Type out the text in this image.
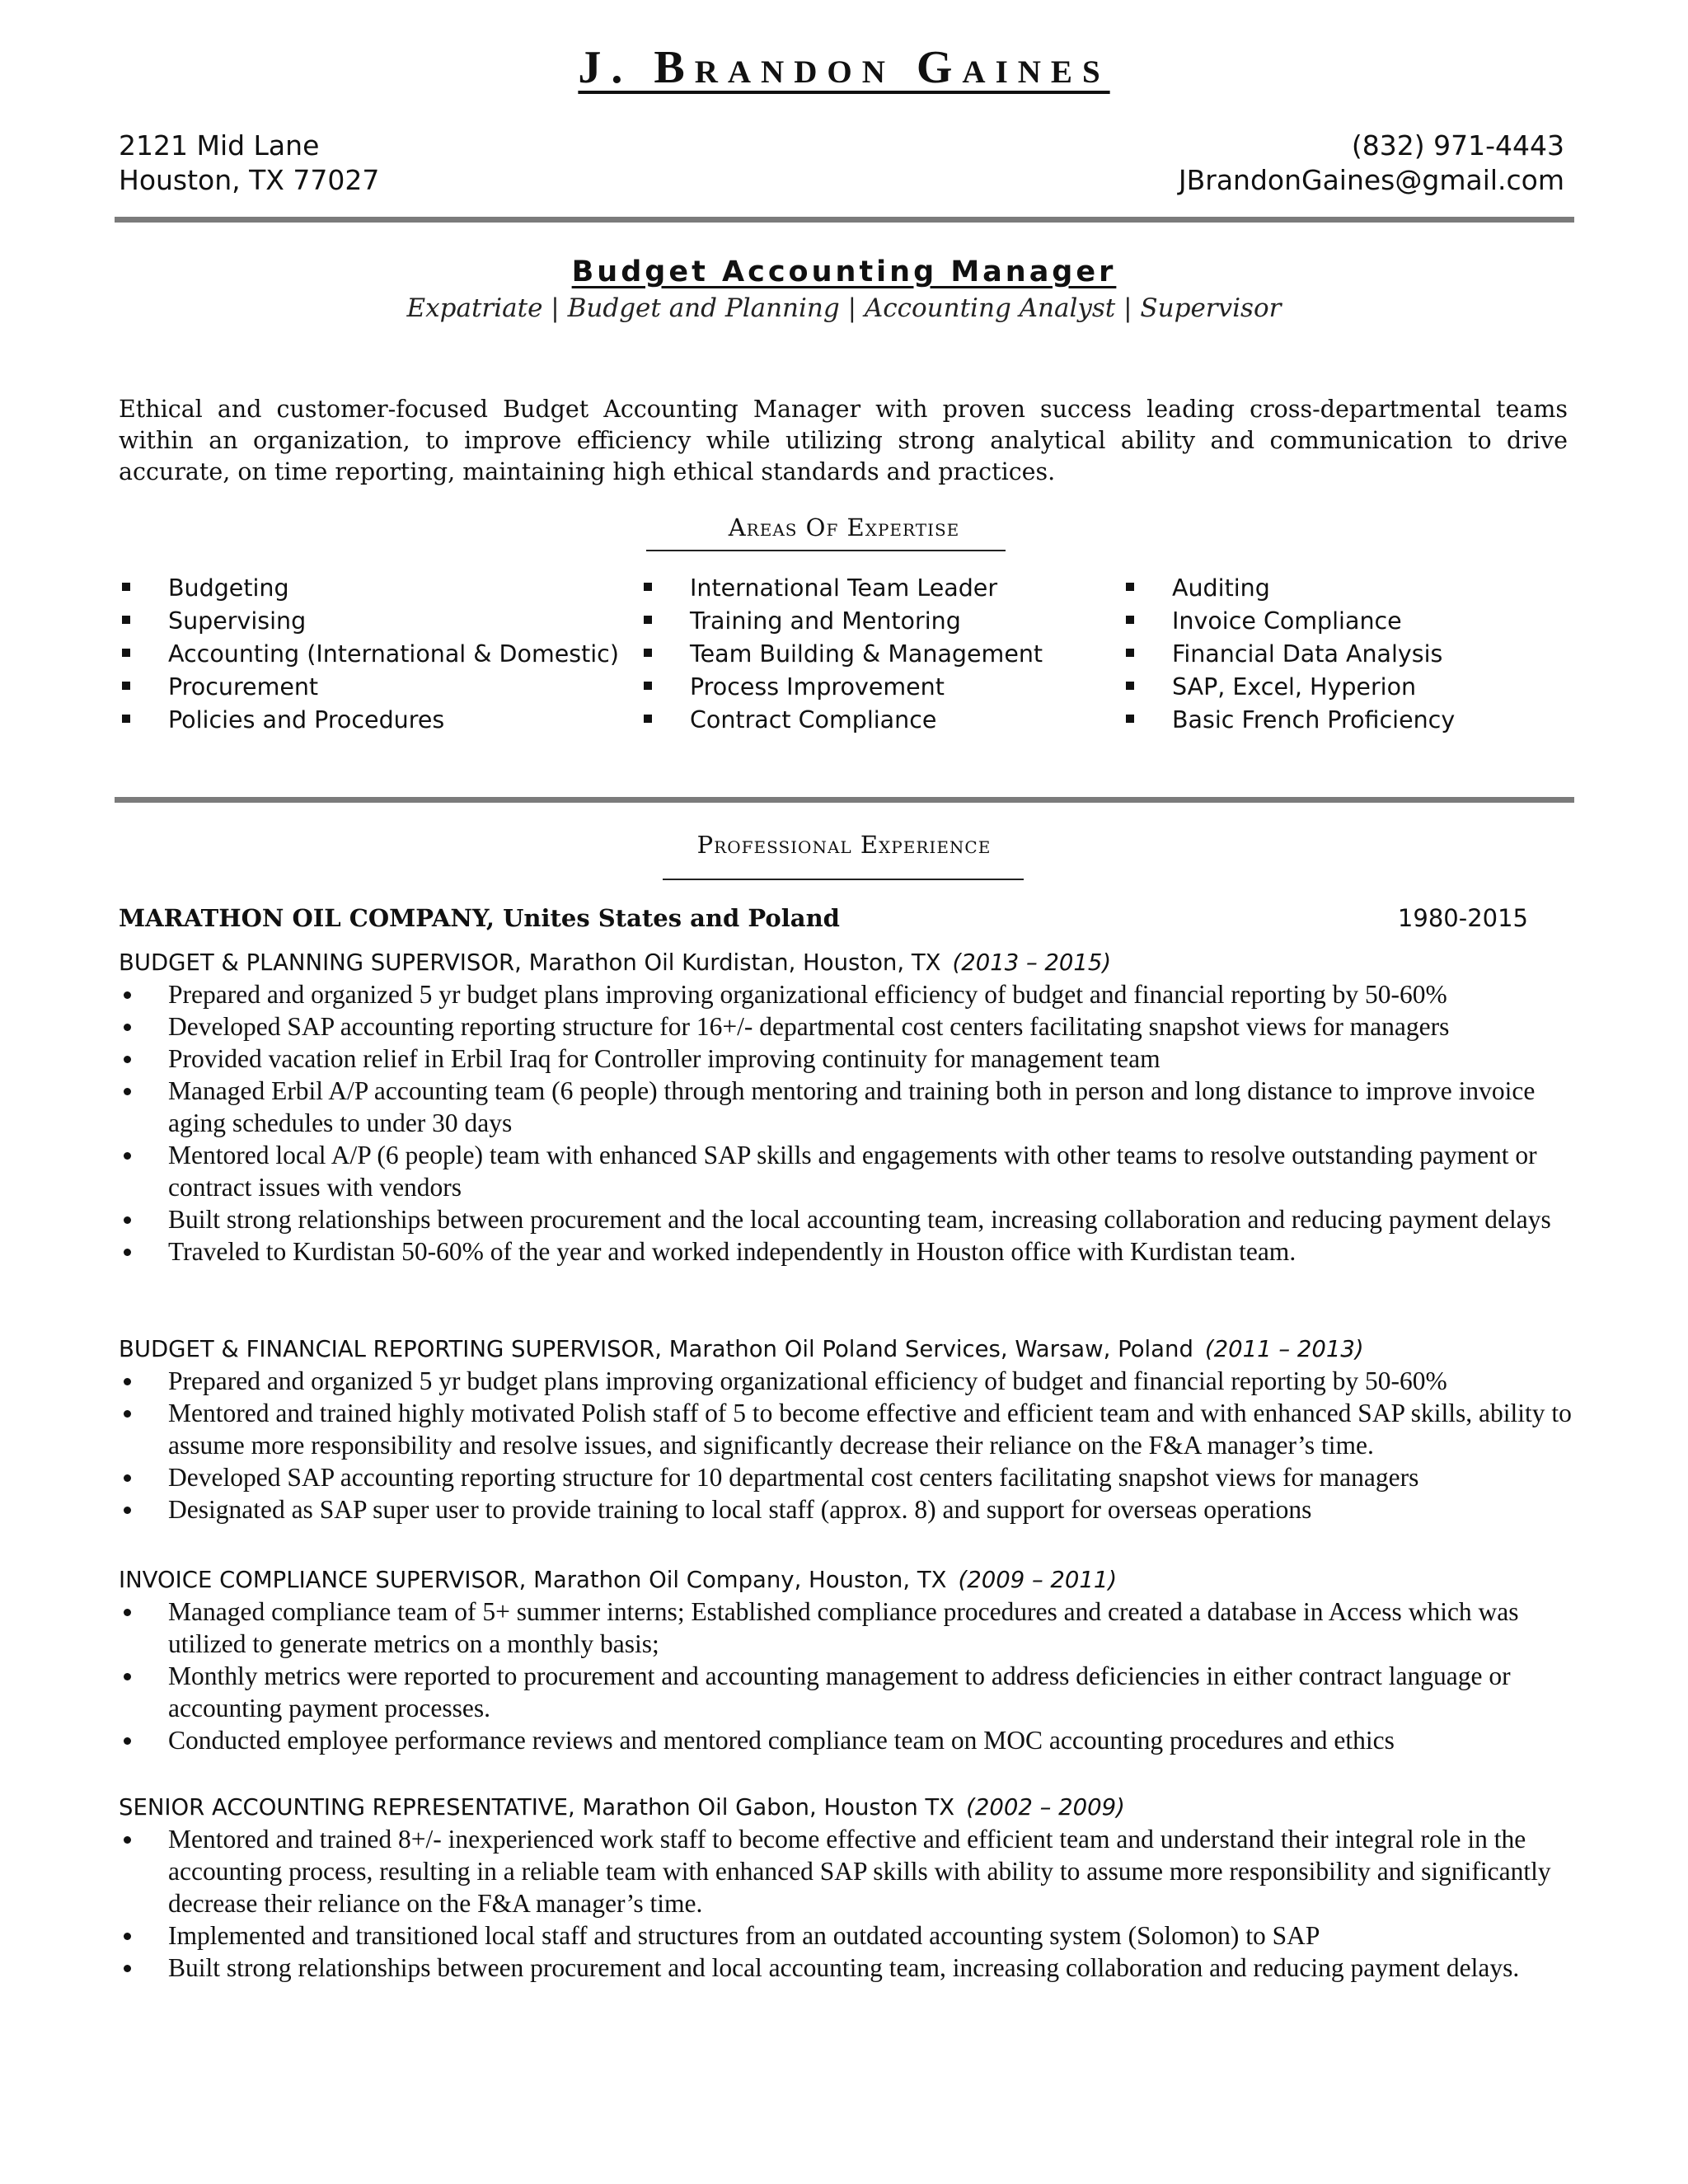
J. Brandon Gaines
2121 Mid Lane
Houston, TX 77027
(832) 971-4443
JBrandonGaines@gmail.com
Budget Accounting Manager
Expatriate | Budget and Planning | Accounting Analyst | Supervisor
Ethical and customer-focused Budget Accounting Manager with proven success leading cross-departmental teams within an organization, to improve efficiency while utilizing strong analytical ability and communication to drive accurate, on time reporting, maintaining high ethical standards and practices.
Areas Of Expertise
Budgeting
Supervising
Accounting (International & Domestic)
Procurement
Policies and Procedures
International Team Leader
Training and Mentoring
Team Building & Management
Process Improvement
Contract Compliance
Auditing
Invoice Compliance
Financial Data Analysis
SAP, Excel, Hyperion
Basic French Proficiency
Professional Experience
MARATHON OIL COMPANY, Unites States and Poland	1980-2015
BUDGET & PLANNING SUPERVISOR, Marathon Oil Kurdistan, Houston, TX (2013 – 2015)
Prepared and organized 5 yr budget plans improving organizational efficiency of budget and financial reporting by 50-60%
Developed SAP accounting reporting structure for 16+/- departmental cost centers facilitating snapshot views for managers
Provided vacation relief in Erbil Iraq for Controller improving continuity for management team
Managed Erbil A/P accounting team (6 people) through mentoring and training both in person and long distance to improve invoice aging schedules to under 30 days
Mentored local A/P (6 people) team with enhanced SAP skills and engagements with other teams to resolve outstanding payment or contract issues with vendors
Built strong relationships between procurement and the local accounting team, increasing collaboration and reducing payment delays
Traveled to Kurdistan 50-60% of the year and worked independently in Houston office with Kurdistan team.
BUDGET & FINANCIAL REPORTING SUPERVISOR, Marathon Oil Poland Services, Warsaw, Poland (2011 – 2013)
Prepared and organized 5 yr budget plans improving organizational efficiency of budget and financial reporting by 50-60%
Mentored and trained highly motivated Polish staff of 5 to become effective and efficient team and with enhanced SAP skills, ability to assume more responsibility and resolve issues, and significantly decrease their reliance on the F&A manager’s time.
Developed SAP accounting reporting structure for 10 departmental cost centers facilitating snapshot views for managers
Designated as SAP super user to provide training to local staff (approx. 8) and support for overseas operations
INVOICE COMPLIANCE SUPERVISOR, Marathon Oil Company, Houston, TX (2009 – 2011)
Managed compliance team of 5+ summer interns; Established compliance procedures and created a database in Access which was utilized to generate metrics on a monthly basis;
Monthly metrics were reported to procurement and accounting management to address deficiencies in either contract language or accounting payment processes.
Conducted employee performance reviews and mentored compliance team on MOC accounting procedures and ethics
SENIOR ACCOUNTING REPRESENTATIVE, Marathon Oil Gabon, Houston TX (2002 – 2009)
Mentored and trained 8+/- inexperienced work staff to become effective and efficient team and understand their integral role in the accounting process, resulting in a reliable team with enhanced SAP skills with ability to assume more responsibility and significantly decrease their reliance on the F&A manager’s time.
Implemented and transitioned local staff and structures from an outdated accounting system (Solomon) to SAP
Built strong relationships between procurement and local accounting team, increasing collaboration and reducing payment delays.
